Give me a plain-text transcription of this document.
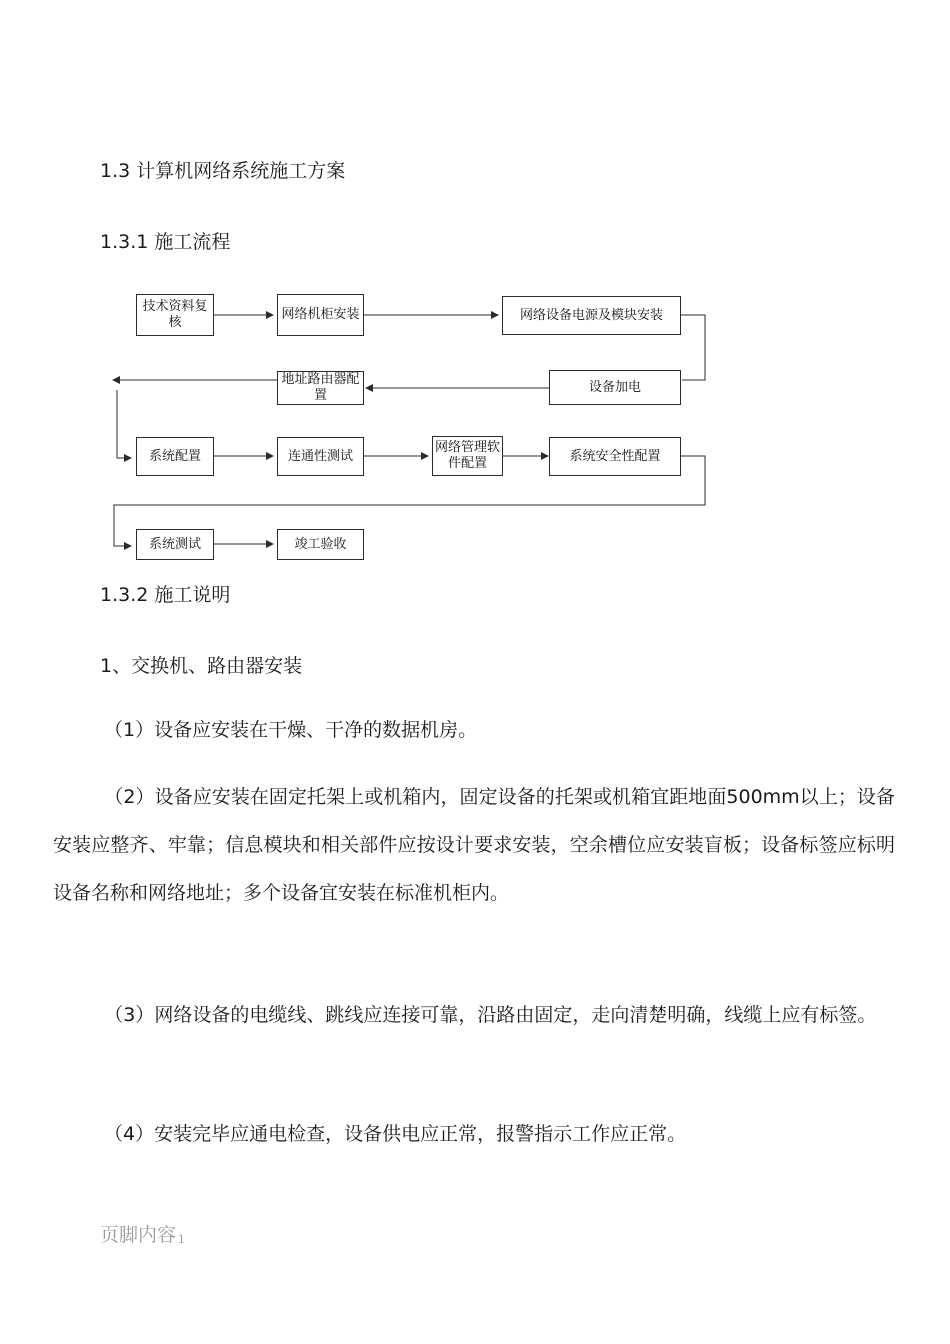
1.3 计算机网络系统施工方案
1.3.1 施工流程
技术资料复核
网络机柜安装	网络设备电源及模块安装
设备加电
地址路由器配置
系统配置	连通性测试
网络管理软件配置	系统安全性配置
系统测试	竣工验收
1.3.2 施工说明
1、交换机、路由器安装
（1）设备应安装在干燥、干净的数据机房。
（2）设备应安装在固定托架上或机箱内，固定设备的托架或机箱宜距地面500mm以上；设备安装应整齐、牢靠；信息模块和相关部件应按设计要求安装，空余槽位应安装盲板；设备标签应标明设备名称和网络地址；多个设备宜安装在标准机柜内。
（3）网络设备的电缆线、跳线应连接可靠，沿路由固定，走向清楚明确，线缆上应有标签。
（4）安装完毕应通电检查，设备供电应正常，报警指示工作应正常。
页脚内容 1
